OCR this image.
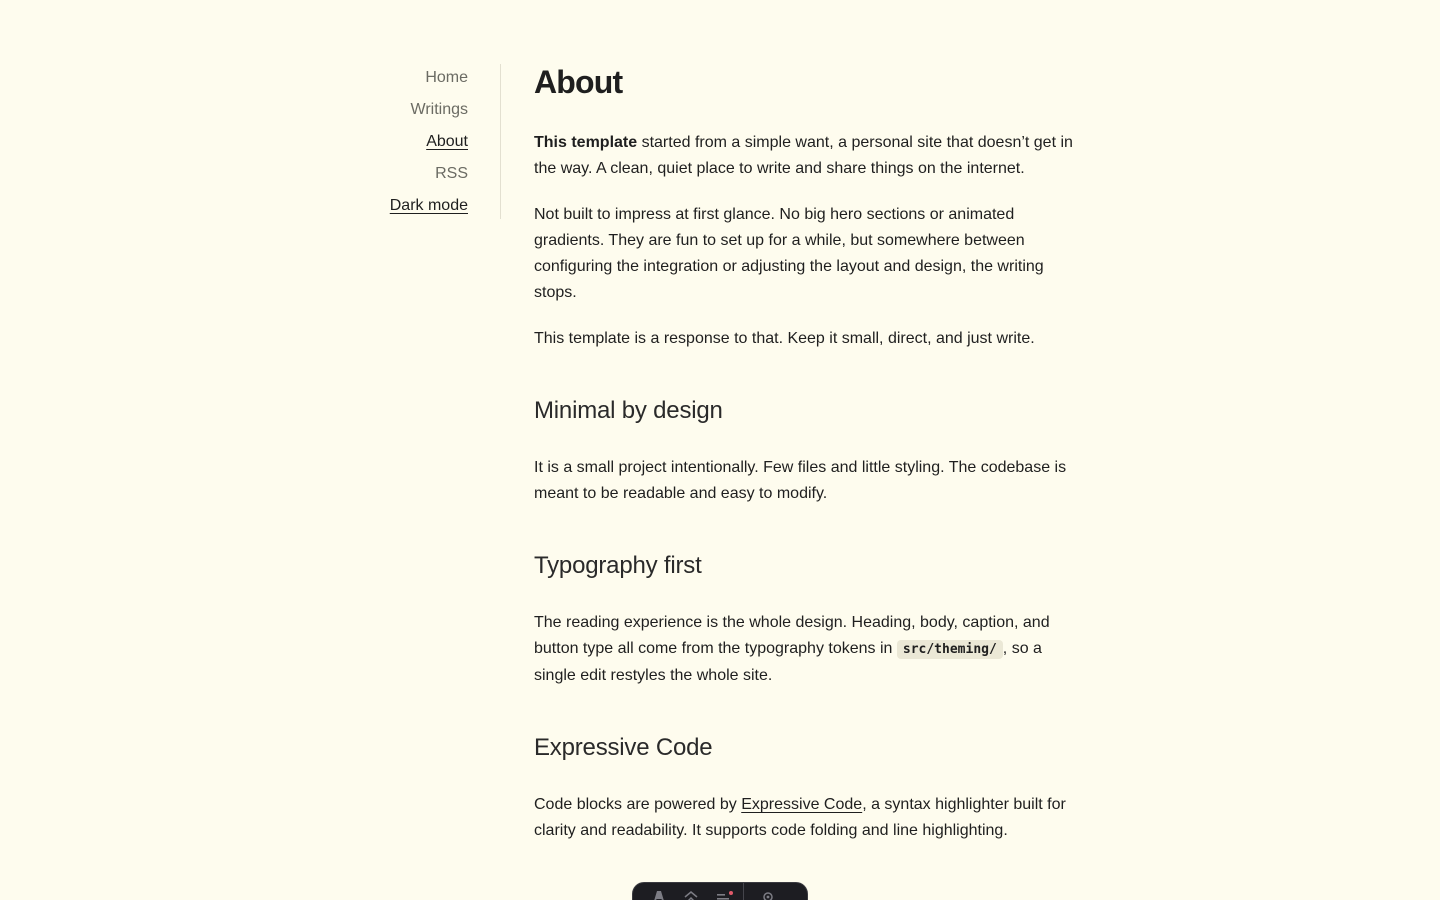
Home
Writings
About
RSS
Dark mode
About

This template started from a simple want, a personal site that doesn’t get in the way. A clean, quiet place to write and share things on the internet.

Not built to impress at first glance. No big hero sections or animated gradients. They are fun to set up for a while, but somewhere between configuring the integration or adjusting the layout and design, the writing stops.

This template is a response to that. Keep it small, direct, and just write.

Minimal by design

It is a small project intentionally. Few files and little styling. The codebase is meant to be readable and easy to modify.

Typography first

The reading experience is the whole design. Heading, body, caption, and button type all come from the typography tokens in src/theming/ , so a single edit restyles the whole site.

Expressive Code

Code blocks are powered by Expressive Code, a syntax highlighter built for clarity and readability. It supports code folding and line highlighting.
